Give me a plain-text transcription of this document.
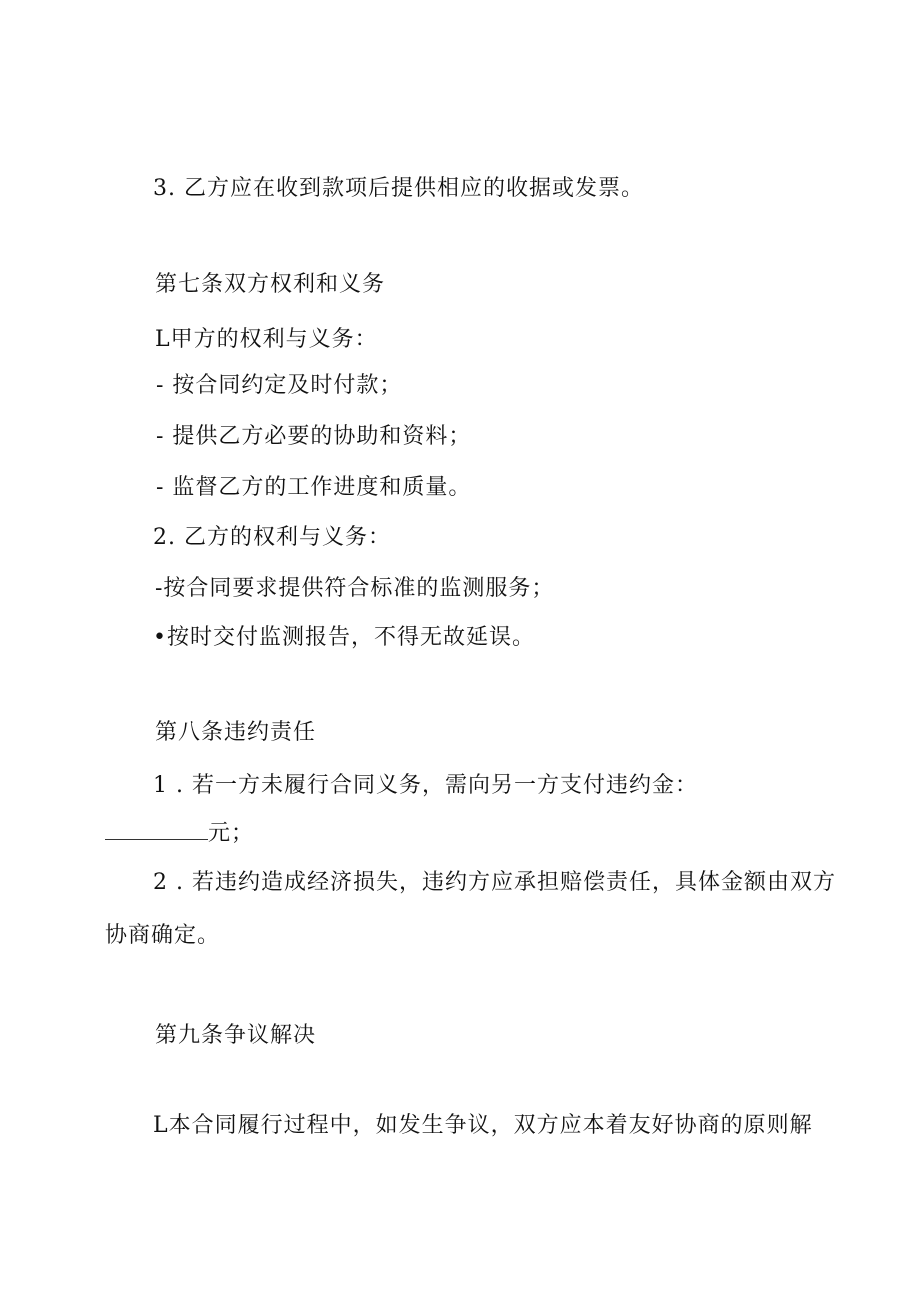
3. 乙方应在收到款项后提供相应的收据或发票。
第七条双方权利和义务
L甲方的权利与义务：
- 按合同约定及时付款；
- 提供乙方必要的协助和资料；
- 监督乙方的工作进度和质量。
2. 乙方的权利与义务：
-按合同要求提供符合标准的监测服务；
•按时交付监测报告，不得无故延误。
第八条违约责任
1 . 若一方未履行合同义务，需向另一方支付违约金：
元；
2 . 若违约造成经济损失，违约方应承担赔偿责任，具体金额由双方
协商确定。
第九条争议解决
L本合同履行过程中，如发生争议，双方应本着友好协商的原则解
